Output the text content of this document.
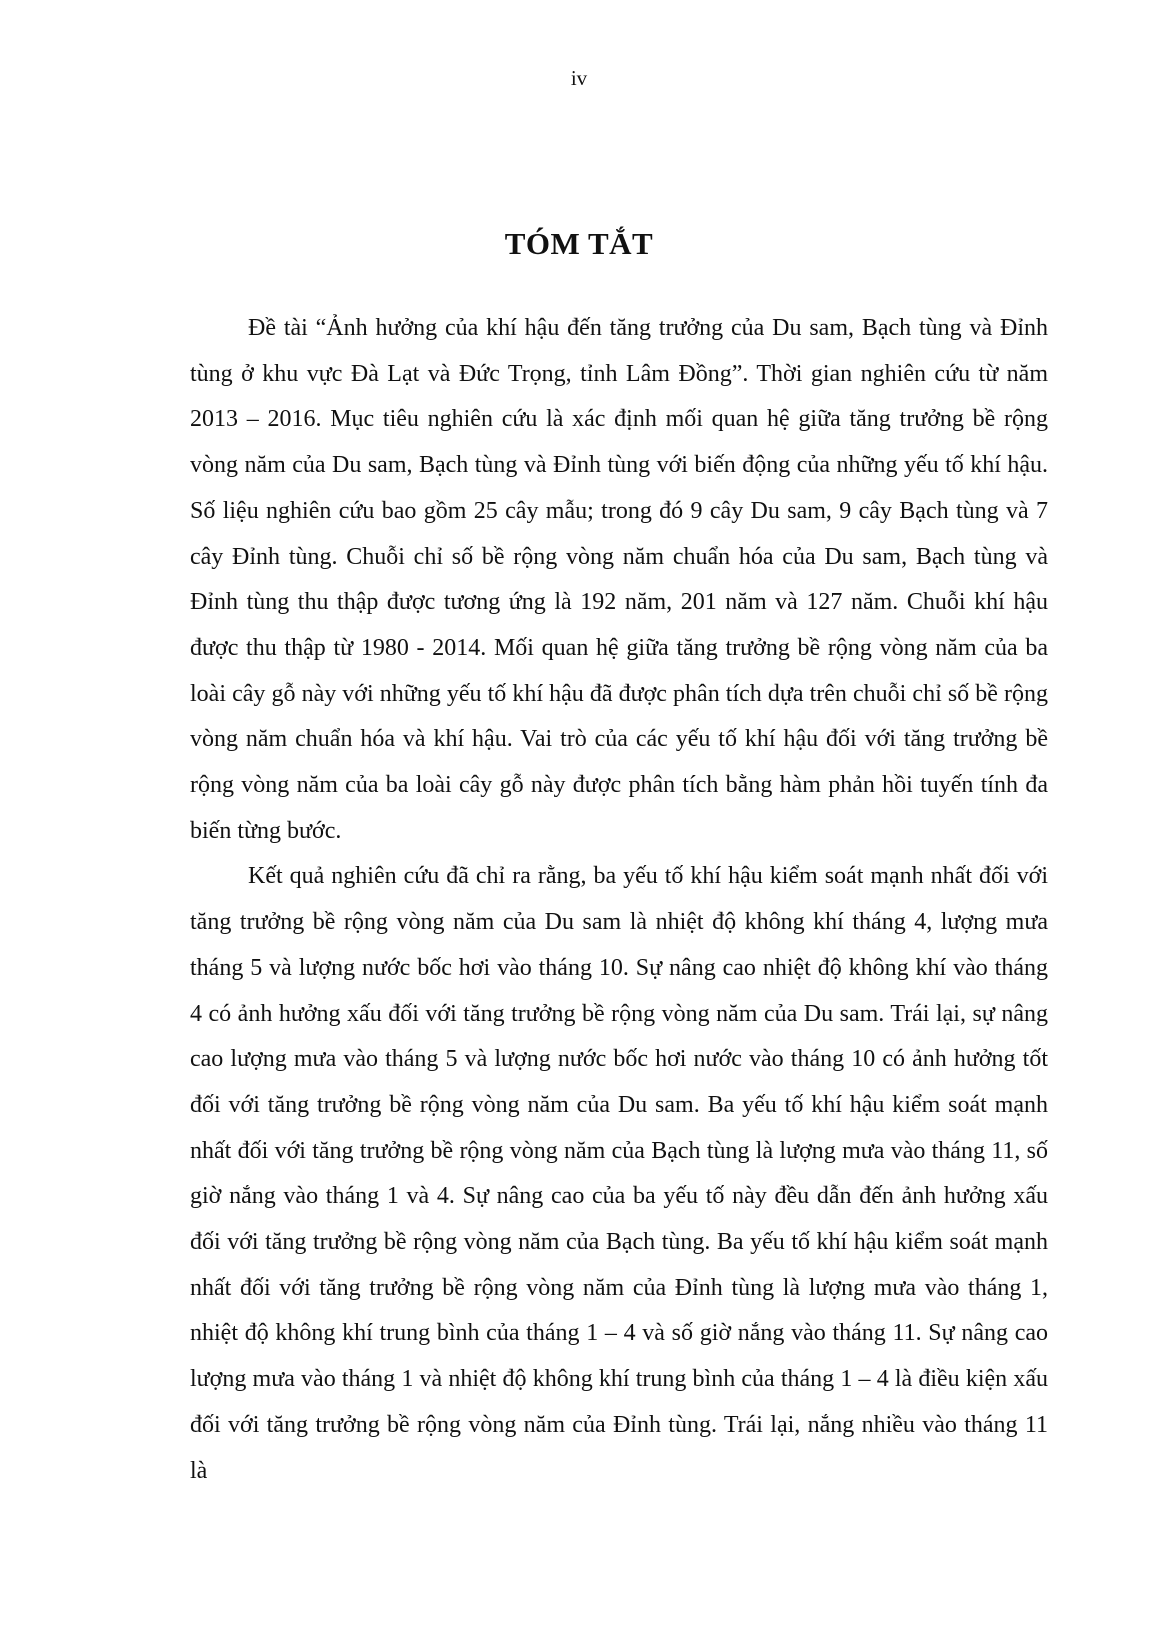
iv
TÓM TẮT

Đề tài “Ảnh hưởng của khí hậu đến tăng trưởng của Du sam, Bạch tùng và Đỉnh tùng ở khu vực Đà Lạt và Đức Trọng, tỉnh Lâm Đồng”. Thời gian nghiên cứu từ năm 2013 – 2016. Mục tiêu nghiên cứu là xác định mối quan hệ giữa tăng trưởng bề rộng vòng năm của Du sam, Bạch tùng và Đỉnh tùng với biến động của những yếu tố khí hậu. Số liệu nghiên cứu bao gồm 25 cây mẫu; trong đó 9 cây Du sam, 9 cây Bạch tùng và 7 cây Đỉnh tùng. Chuỗi chỉ số bề rộng vòng năm chuẩn hóa của Du sam, Bạch tùng và Đỉnh tùng thu thập được tương ứng là 192 năm, 201 năm và 127 năm. Chuỗi khí hậu được thu thập từ 1980 - 2014. Mối quan hệ giữa tăng trưởng bề rộng vòng năm của ba loài cây gỗ này với những yếu tố khí hậu đã được phân tích dựa trên chuỗi chỉ số bề rộng vòng năm chuẩn hóa và khí hậu. Vai trò của các yếu tố khí hậu đối với tăng trưởng bề rộng vòng năm của ba loài cây gỗ này được phân tích bằng hàm phản hồi tuyến tính đa biến từng bước.

Kết quả nghiên cứu đã chỉ ra rằng, ba yếu tố khí hậu kiểm soát mạnh nhất đối với tăng trưởng bề rộng vòng năm của Du sam là nhiệt độ không khí tháng 4, lượng mưa tháng 5 và lượng nước bốc hơi vào tháng 10. Sự nâng cao nhiệt độ không khí vào tháng 4 có ảnh hưởng xấu đối với tăng trưởng bề rộng vòng năm của Du sam. Trái lại, sự nâng cao lượng mưa vào tháng 5 và lượng nước bốc hơi nước vào tháng 10 có ảnh hưởng tốt đối với tăng trưởng bề rộng vòng năm của Du sam. Ba yếu tố khí hậu kiểm soát mạnh nhất đối với tăng trưởng bề rộng vòng năm của Bạch tùng là lượng mưa vào tháng 11, số giờ nắng vào tháng 1 và 4. Sự nâng cao của ba yếu tố này đều dẫn đến ảnh hưởng xấu đối với tăng trưởng bề rộng vòng năm của Bạch tùng. Ba yếu tố khí hậu kiểm soát mạnh nhất đối với tăng trưởng bề rộng vòng năm của Đỉnh tùng là lượng mưa vào tháng 1, nhiệt độ không khí trung bình của tháng 1 – 4 và số giờ nắng vào tháng 11. Sự nâng cao lượng mưa vào tháng 1 và nhiệt độ không khí trung bình của tháng 1 – 4 là điều kiện xấu đối với tăng trưởng bề rộng vòng năm của Đỉnh tùng. Trái lại, nắng nhiều vào tháng 11 là
